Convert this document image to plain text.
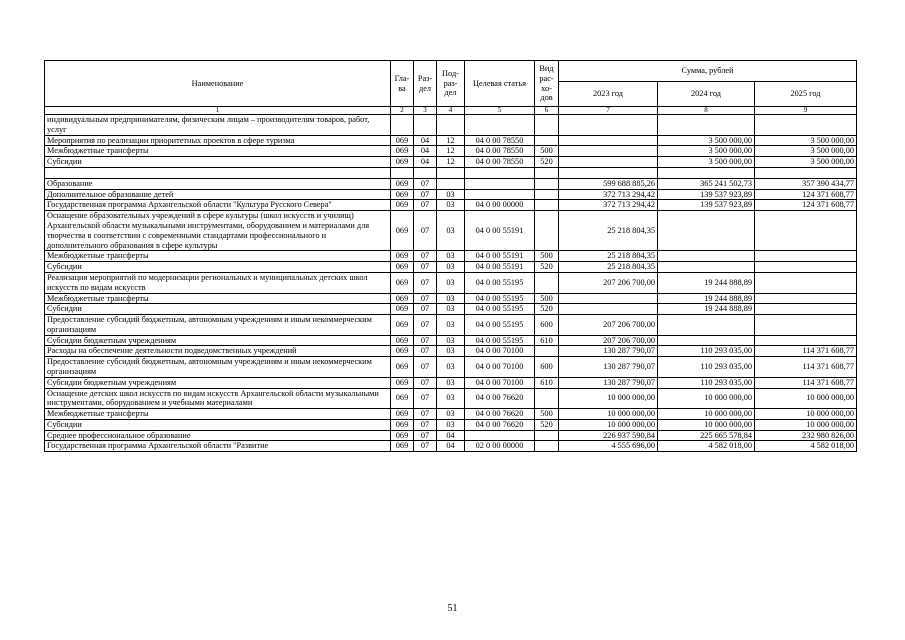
Наименование	Гла-ва	Раз-дел	Под-раз-дел	Целевая статья	Вид рас-хо-дов	Сумма, рублей		
						2023 год	2024 год	2025 год
1	2	3	4	5	6	7	8	9
индивидуальным предпринимателям, физическим лицам – производителям товаров, работ, услуг								
Мероприятия по реализации приоритетных проектов в сфере туризма	069	04	12	04 0 00 78550			3 500 000,00	3 500 000,00
Межбюджетные трансферты	069	04	12	04 0 00 78550	500		3 500 000,00	3 500 000,00
Субсидии	069	04	12	04 0 00 78550	520		3 500 000,00	3 500 000,00

Образование	069	07				599 688 885,26	365 241 502,73	357 390 434,77
Дополнительное образование детей	069	07	03			372 713 294,42	139 537 923,89	124 371 608,77
Государственная программа Архангельской области "Культура Русского Севера"	069	07	03	04 0 00 00000		372 713 294,42	139 537 923,89	124 371 608,77
Оснащение образовательных учреждений в сфере культуры (школ искусств и училищ) Архангельской области музыкальными инструментами, оборудованием и материалами для творчества в соответствии с современными стандартами профессионального и дополнительного образования в сфере культуры	069	07	03	04 0 00 55191		25 218 804,35		
Межбюджетные трансферты	069	07	03	04 0 00 55191	500	25 218 804,35		
Субсидии	069	07	03	04 0 00 55191	520	25 218 804,35		
Реализация мероприятий по модернизации региональных и муниципальных детских школ искусств по видам искусств	069	07	03	04 0 00 55195		207 206 700,00	19 244 888,89	
Межбюджетные трансферты	069	07	03	04 0 00 55195	500		19 244 888,89	
Субсидии	069	07	03	04 0 00 55195	520		19 244 888,89	
Предоставление субсидий бюджетным, автономным учреждениям и иным некоммерческим организациям	069	07	03	04 0 00 55195	600	207 206 700,00		
Субсидии бюджетным учреждениям	069	07	03	04 0 00 55195	610	207 206 700,00		
Расходы на обеспечение деятельности подведомственных учреждений	069	07	03	04 0 00 70100		130 287 790,07	110 293 035,00	114 371 608,77
Предоставление субсидий бюджетным, автономным учреждениям и иным некоммерческим организациям	069	07	03	04 0 00 70100	600	130 287 790,07	110 293 035,00	114 371 608,77
Субсидии бюджетным учреждениям	069	07	03	04 0 00 70100	610	130 287 790,07	110 293 035,00	114 371 608,77
Оснащение детских школ искусств по видам искусств Архангельской области музыкальными инструментами, оборудованием и учебными материалами	069	07	03	04 0 00 76620		10 000 000,00	10 000 000,00	10 000 000,00
Межбюджетные трансферты	069	07	03	04 0 00 76620	500	10 000 000,00	10 000 000,00	10 000 000,00
Субсидии	069	07	03	04 0 00 76620	520	10 000 000,00	10 000 000,00	10 000 000,00
Среднее профессиональное образование	069	07	04			226 937 590,84	225 665 578,84	232 980 826,00
Государственная программа Архангельской области "Развитие	069	07	04	02 0 00 00000		4 555 696,00	4 582 018,00	4 582 018,00
51
